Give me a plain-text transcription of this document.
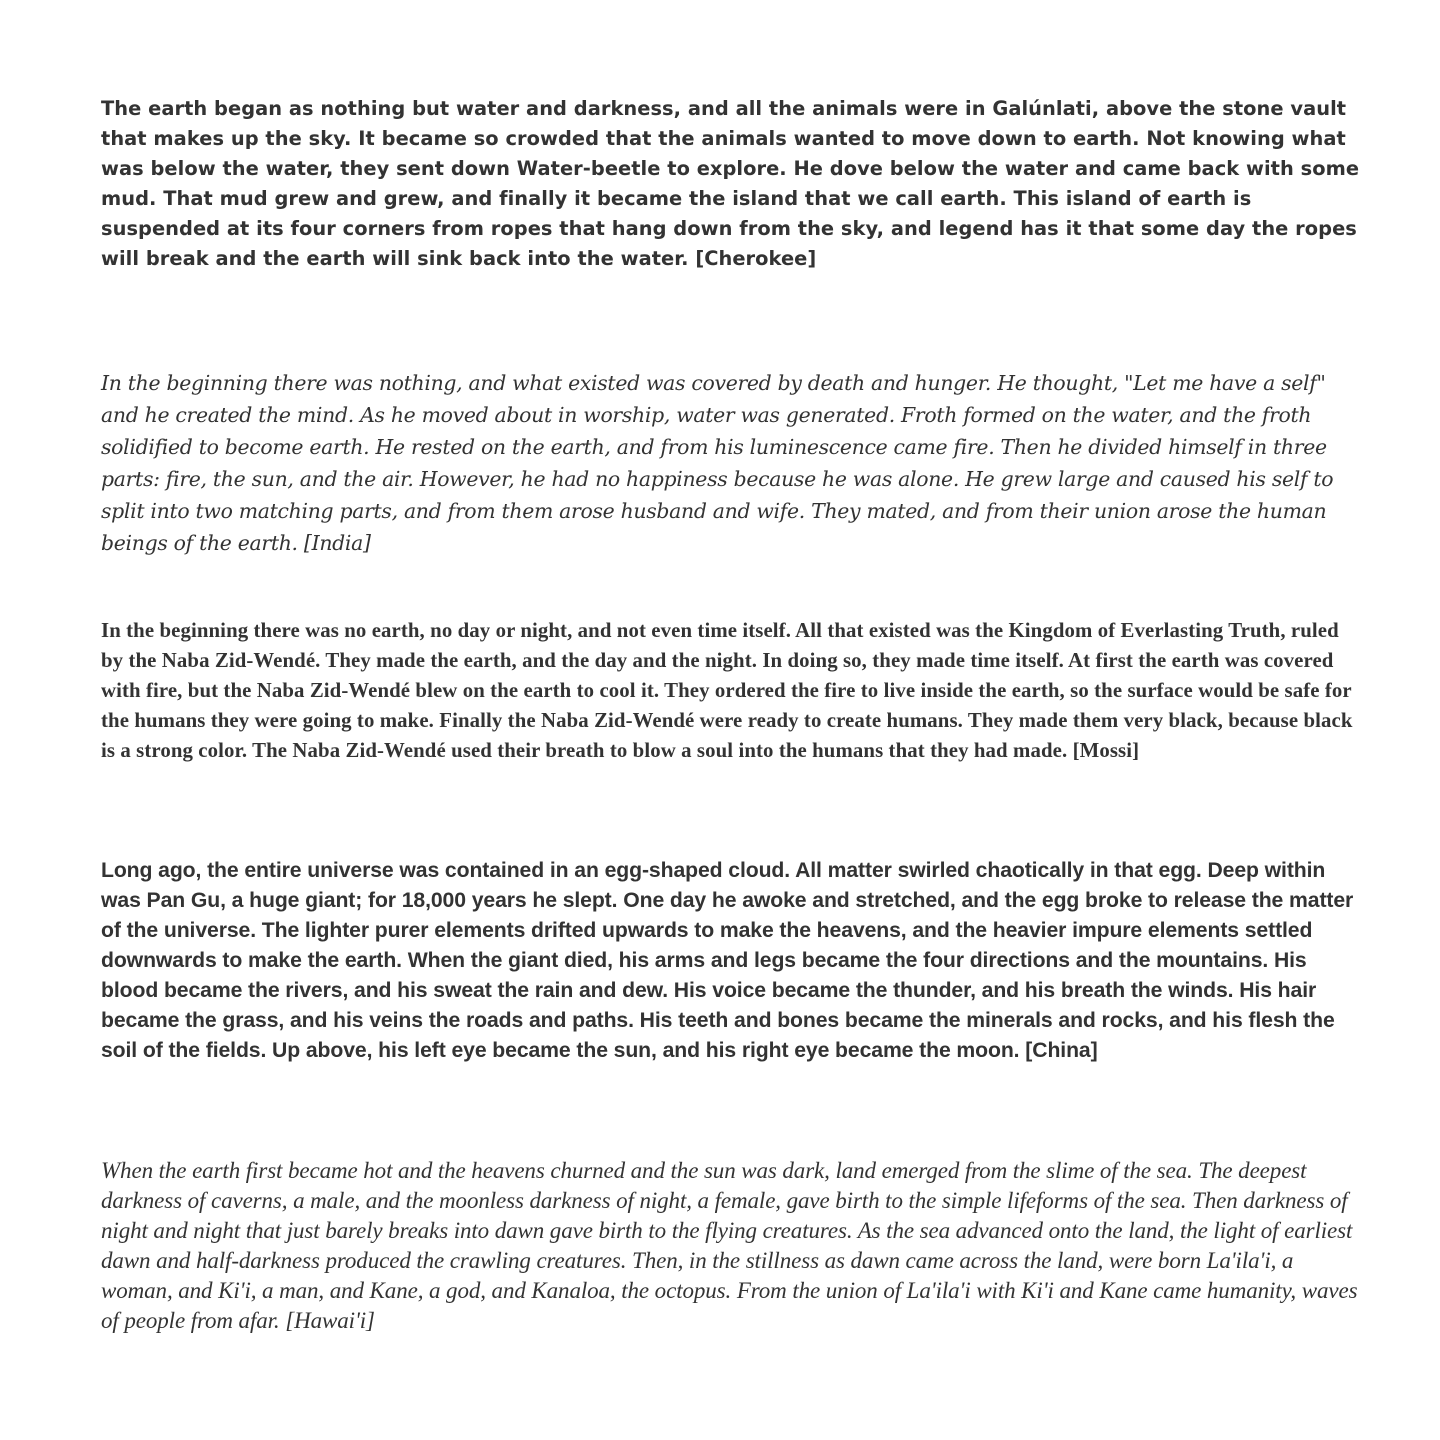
The earth began as nothing but water and darkness, and all the animals were in Galúnlati, above the stone vault that makes up the sky. It became so crowded that the animals wanted to move down to earth. Not knowing what was below the water, they sent down Water-beetle to explore. He dove below the water and came back with some mud. That mud grew and grew, and finally it became the island that we call earth. This island of earth is suspended at its four corners from ropes that hang down from the sky, and legend has it that some day the ropes will break and the earth will sink back into the water. [Cherokee]

In the beginning there was nothing, and what existed was covered by death and hunger. He thought, "Let me have a self" and he created the mind. As he moved about in worship, water was generated. Froth formed on the water, and the froth solidified to become earth. He rested on the earth, and from his luminescence came fire. Then he divided himself in three parts: fire, the sun, and the air. However, he had no happiness because he was alone. He grew large and caused his self to split into two matching parts, and from them arose husband and wife. They mated, and from their union arose the human beings of the earth. [India]

In the beginning there was no earth, no day or night, and not even time itself. All that existed was the Kingdom of Everlasting Truth, ruled by the Naba Zid-Wendé. They made the earth, and the day and the night. In doing so, they made time itself. At first the earth was covered with fire, but the Naba Zid-Wendé blew on the earth to cool it. They ordered the fire to live inside the earth, so the surface would be safe for the humans they were going to make. Finally the Naba Zid-Wendé were ready to create humans. They made them very black, because black is a strong color. The Naba Zid-Wendé used their breath to blow a soul into the humans that they had made. [Mossi]

Long ago, the entire universe was contained in an egg-shaped cloud. All matter swirled chaotically in that egg. Deep within was Pan Gu, a huge giant; for 18,000 years he slept. One day he awoke and stretched, and the egg broke to release the matter of the universe. The lighter purer elements drifted upwards to make the heavens, and the heavier impure elements settled downwards to make the earth. When the giant died, his arms and legs became the four directions and the mountains. His blood became the rivers, and his sweat the rain and dew. His voice became the thunder, and his breath the winds. His hair became the grass, and his veins the roads and paths. His teeth and bones became the minerals and rocks, and his flesh the soil of the fields. Up above, his left eye became the sun, and his right eye became the moon. [China]

When the earth first became hot and the heavens churned and the sun was dark, land emerged from the slime of the sea. The deepest darkness of caverns, a male, and the moonless darkness of night, a female, gave birth to the simple lifeforms of the sea. Then darkness of night and night that just barely breaks into dawn gave birth to the flying creatures. As the sea advanced onto the land, the light of earliest dawn and half-darkness produced the crawling creatures. Then, in the stillness as dawn came across the land, were born La'ila'i, a woman, and Ki'i, a man, and Kane, a god, and Kanaloa, the octopus. From the union of La'ila'i with Ki'i and Kane came humanity, waves of people from afar. [Hawai'i]
